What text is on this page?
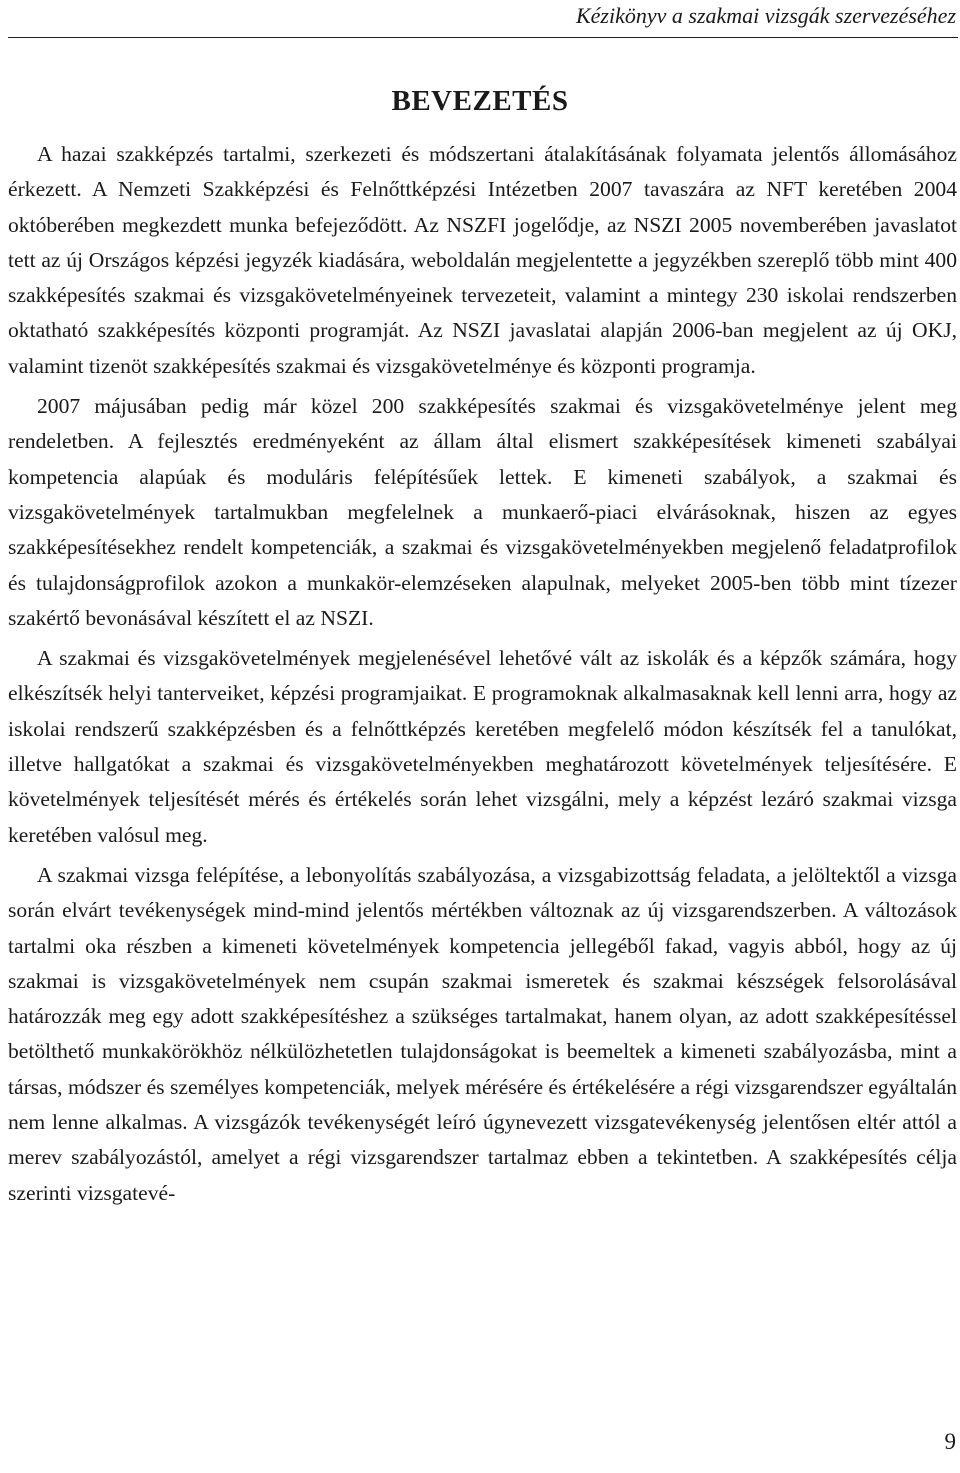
Kézikönyv a szakmai vizsgák szervezéséhez
BEVEZETÉS

A hazai szakképzés tartalmi, szerkezeti és módszertani átalakításának folyamata jelentős állomásához érkezett. A Nemzeti Szakképzési és Felnőttképzési Intézetben 2007 tavaszára az NFT keretében 2004 októberében megkezdett munka befejeződött. Az NSZFI jogelődje, az NSZI 2005 novemberében javaslatot tett az új Országos képzési jegyzék kiadására, weboldalán megjelentette a jegyzékben szereplő több mint 400 szakképesítés szakmai és vizsgakövetelményeinek tervezeteit, valamint a mintegy 230 iskolai rendszerben oktatható szakképesítés központi programját. Az NSZI javaslatai alapján 2006-ban megjelent az új OKJ, valamint tizenöt szakképesítés szakmai és vizsgakövetelménye és központi programja.

2007 májusában pedig már közel 200 szakképesítés szakmai és vizsgakövetelménye jelent meg rendeletben. A fejlesztés eredményeként az állam által elismert szakképesítések kimeneti szabályai kompetencia alapúak és moduláris felépítésűek lettek. E kimeneti szabályok, a szakmai és vizsgakövetelmények tartalmukban megfelelnek a munkaerő-piaci elvárásoknak, hiszen az egyes szakképesítésekhez rendelt kompetenciák, a szakmai és vizsgakövetelményekben megjelenő feladatprofilok és tulajdonságprofilok azokon a munkakör-elemzéseken alapulnak, melyeket 2005-ben több mint tízezer szakértő bevonásával készített el az NSZI.

A szakmai és vizsgakövetelmények megjelenésével lehetővé vált az iskolák és a képzők számára, hogy elkészítsék helyi tanterveiket, képzési programjaikat. E programoknak alkalmasaknak kell lenni arra, hogy az iskolai rendszerű szakképzésben és a felnőttképzés keretében megfelelő módon készítsék fel a tanulókat, illetve hallgatókat a szakmai és vizsgakövetelményekben meghatározott követelmények teljesítésére. E követelmények teljesítését mérés és értékelés során lehet vizsgálni, mely a képzést lezáró szakmai vizsga keretében valósul meg.

A szakmai vizsga felépítése, a lebonyolítás szabályozása, a vizsgabizottság feladata, a jelöltektől a vizsga során elvárt tevékenységek mind-mind jelentős mértékben változnak az új vizsgarendszerben. A változások tartalmi oka részben a kimeneti követelmények kompetencia jellegéből fakad, vagyis abból, hogy az új szakmai is vizsgakövetelmények nem csupán szakmai ismeretek és szakmai készségek felsorolásával határozzák meg egy adott szakképesítéshez a szükséges tartalmakat, hanem olyan, az adott szakképesítéssel betölthető munkakörökhöz nélkülözhetetlen tulajdonságokat is beemeltek a kimeneti szabályozásba, mint a társas, módszer és személyes kompetenciák, melyek mérésére és értékelésére a régi vizsgarendszer egyáltalán nem lenne alkalmas. A vizsgázók tevékenységét leíró úgynevezett vizsgatevékenység jelentősen eltér attól a merev szabályozástól, amelyet a régi vizsgarendszer tartalmaz ebben a tekintetben. A szakképesítés célja szerinti vizsgatevé-

9
